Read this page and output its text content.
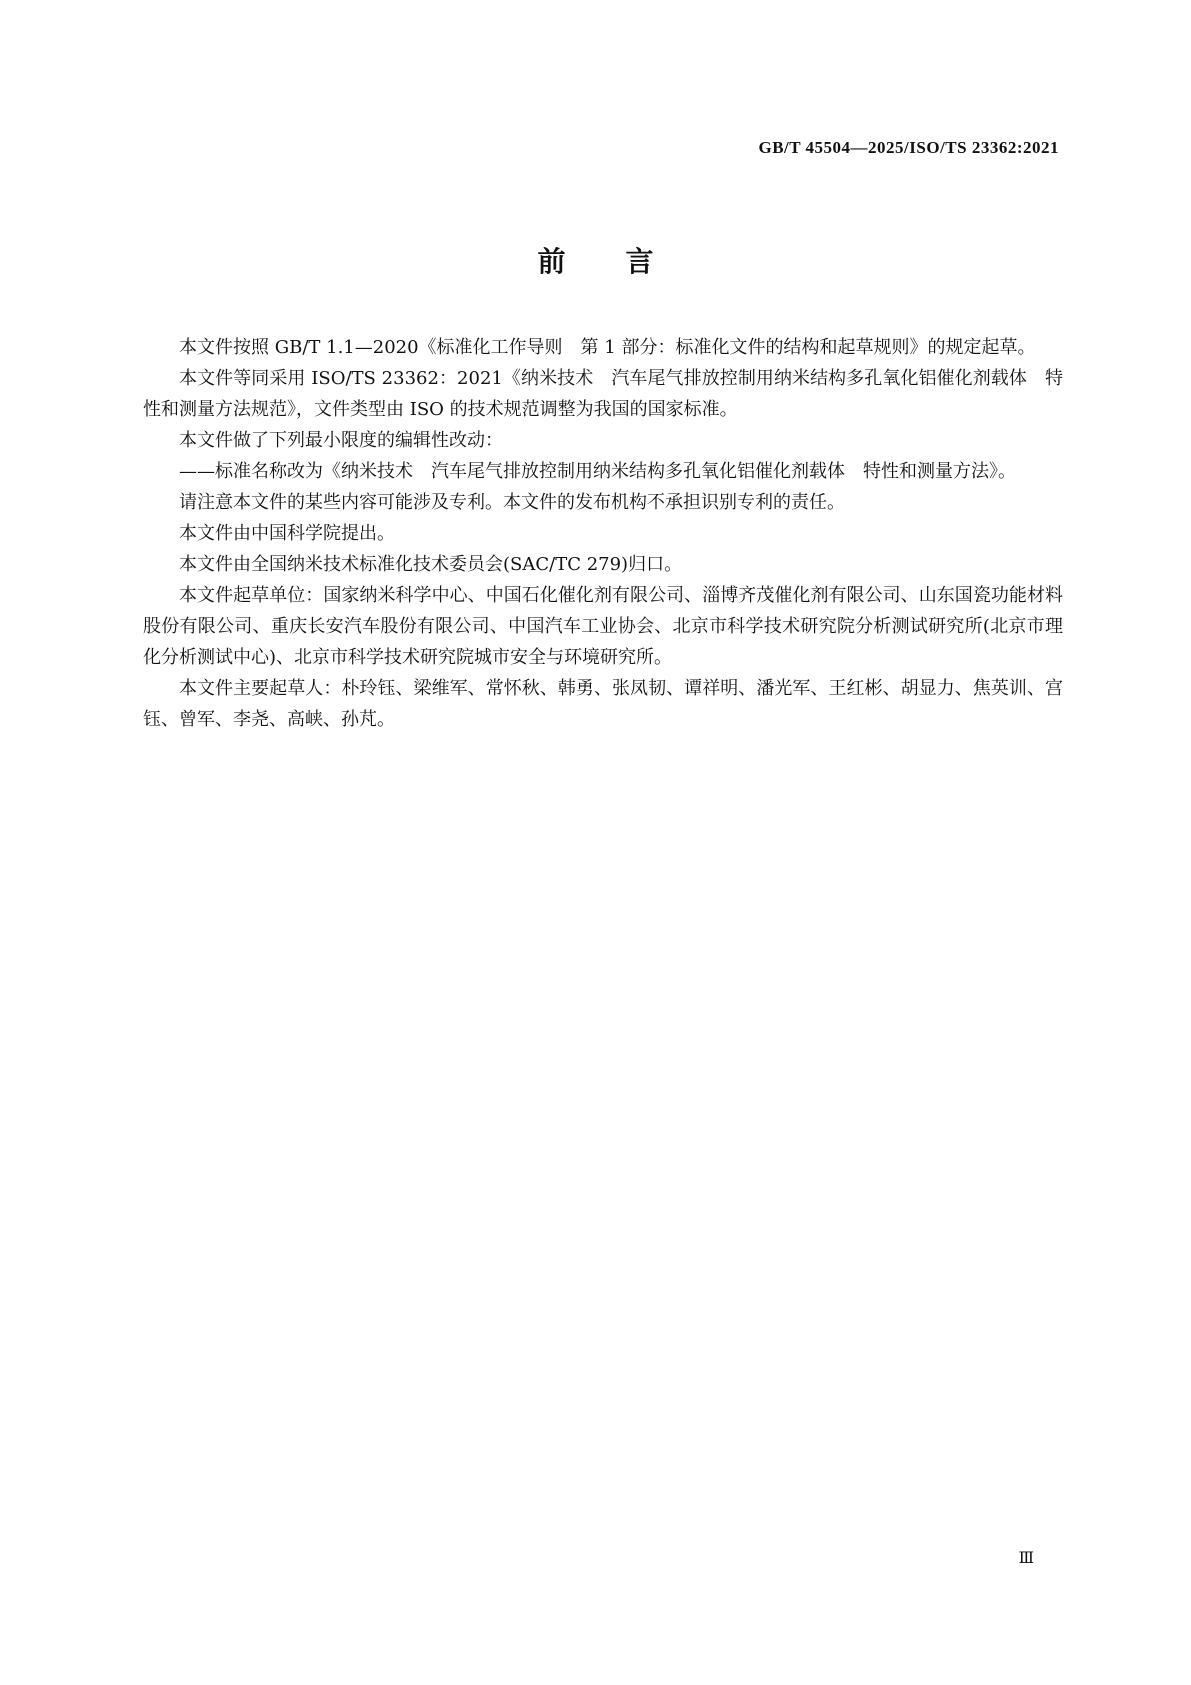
GB/T 45504—2025/ISO/TS 23362:2021
前 言

本文件按照 GB/T 1.1—2020《标准化工作导则　第 1 部分：标准化文件的结构和起草规则》的规定起草。

本文件等同采用 ISO/TS 23362：2021《纳米技术　汽车尾气排放控制用纳米结构多孔氧化铝催化剂载体　特性和测量方法规范》，文件类型由 ISO 的技术规范调整为我国的国家标准。

本文件做了下列最小限度的编辑性改动：

——标准名称改为《纳米技术　汽车尾气排放控制用纳米结构多孔氧化铝催化剂载体　特性和测量方法》。

请注意本文件的某些内容可能涉及专利。本文件的发布机构不承担识别专利的责任。

本文件由中国科学院提出。

本文件由全国纳米技术标准化技术委员会(SAC/TC 279)归口。

本文件起草单位：国家纳米科学中心、中国石化催化剂有限公司、淄博齐茂催化剂有限公司、山东国瓷功能材料股份有限公司、重庆长安汽车股份有限公司、中国汽车工业协会、北京市科学技术研究院分析测试研究所(北京市理化分析测试中心)、北京市科学技术研究院城市安全与环境研究所。

本文件主要起草人：朴玲钰、梁维军、常怀秋、韩勇、张凤韧、谭祥明、潘光军、王红彬、胡显力、焦英训、宫钰、曾军、李尧、高峡、孙芃。

Ⅲ
